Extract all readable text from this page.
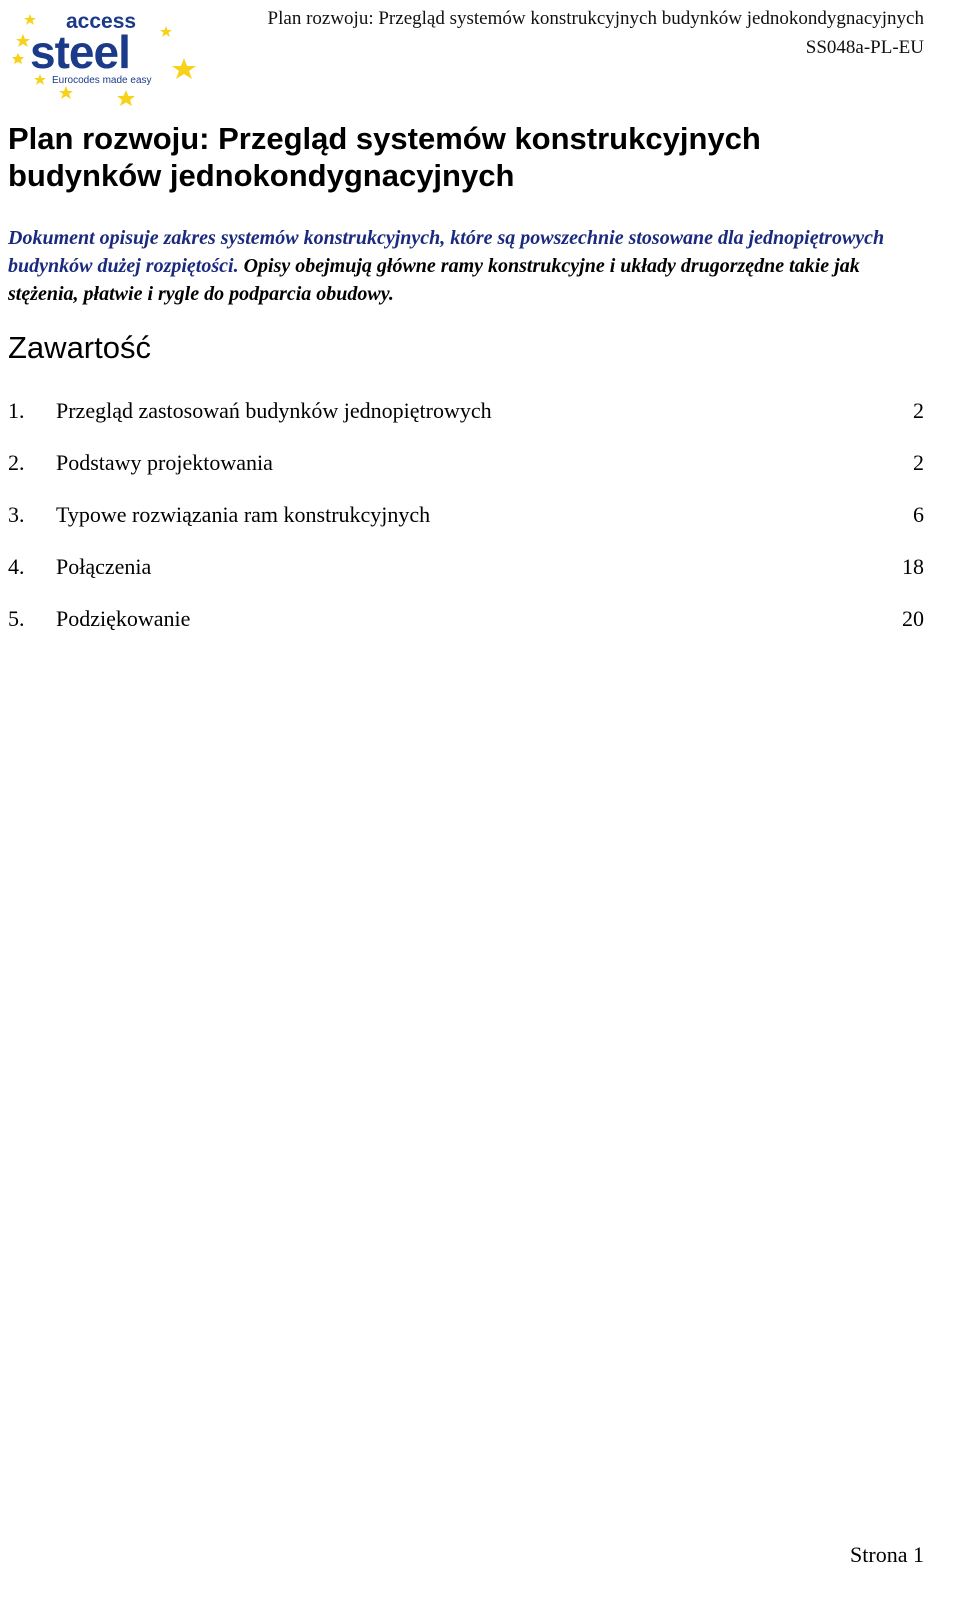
access
steel
Eurocodes made easy
Plan rozwoju: Przegląd systemów konstrukcyjnych budynków jednokondygnacyjnych
SS048a-PL-EU
Plan rozwoju: Przegląd systemów konstrukcyjnych
budynków jednokondygnacyjnych

Dokument opisuje zakres systemów konstrukcyjnych, które są powszechnie stosowane dla jednopiętrowych budynków dużej rozpiętości. Opisy obejmują główne ramy konstrukcyjne i układy drugorzędne takie jak stężenia, płatwie i rygle do podparcia obudowy.

Zawartość
1. Przegląd zastosowań budynków jednopiętrowych	2
2. Podstawy projektowania	2
3. Typowe rozwiązania ram konstrukcyjnych	6
4. Połączenia	18
5. Podziękowanie	20
Strona 1
